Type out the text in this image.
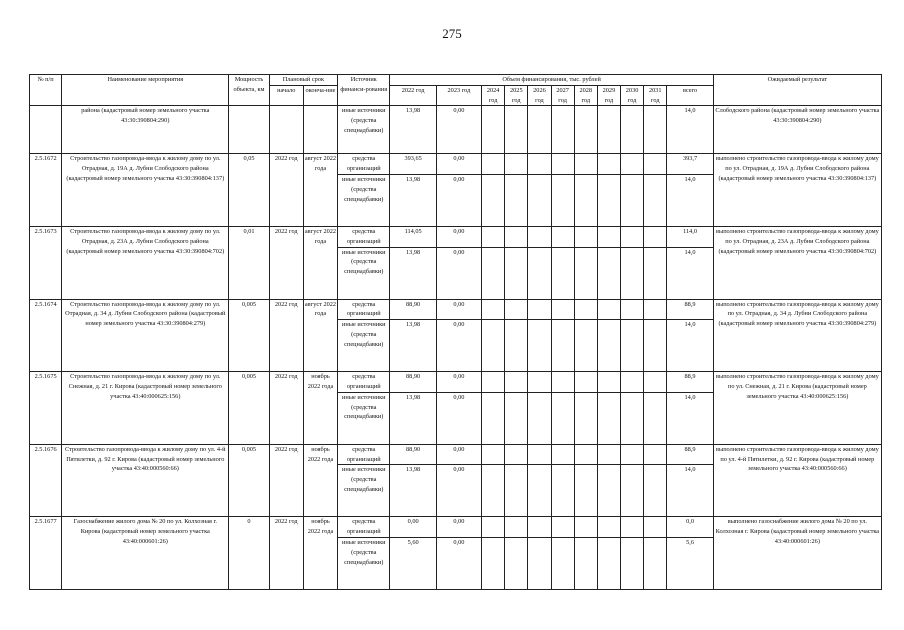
275
№ п/п	Наименование мероприятия	Мощность объекта, км	Плановый срок		Источник финанси-рования	Объем финансирования, тыс. рублей											Ожидаемый результат
			начало	оконча-ние		2022 год	2023 год	2024 год	2025 год	2026 год	2027 год	2028 год	2029 год	2030 год	2031 год	всего	
	района (кадастровый номер земельного участка 43:30:390804:290)				иные источники (средства спецнадбавки)	13,98	0,00									14,0	Слободского района (кадастровый номер земельного участка 43:30:390804:290)
2.5.1672	Строительство газопровода-ввода к жилому дому по ул. Отрадная, д. 19А д. Лубни Слободского района (кадастровый номер земельного участка 43:30:390804:137)	0,05	2022 год	август 2022 года	средства организаций	393,65	0,00									393,7	выполнено строительство газопровода-ввода к жилому дому по ул. Отрадная, д. 19А д. Лубни Слободского района (кадастровый номер земельного участка 43:30:390804:137)
					иные источники (средства спецнадбавки)	13,98	0,00									14,0	
2.5.1673	Строительство газопровода-ввода к жилому дому по ул. Отрадная, д. 23А д. Лубни Слободского района (кадастровый номер земельного участка 43:30:390804:702)	0,01	2022 год	август 2022 года	средства организаций	114,05	0,00									114,0	выполнено строительство газопровода-ввода к жилому дому по ул. Отрадная, д. 23А д. Лубни Слободского района (кадастровый номер земельного участка 43:30:390804:702)
					иные источники (средства спецнадбавки)	13,98	0,00									14,0	
2.5.1674	Строительство газопровода-ввода к жилому дому по ул. Отрадная, д. 34 д. Лубни Слободского района (кадастровый номер земельного участка 43:30:390804:279)	0,005	2022 год	август 2022 года	средства организаций	88,90	0,00									88,9	выполнено строительство газопровода-ввода к жилому дому по ул. Отрадная, д. 34 д. Лубни Слободского района (кадастровый номер земельного участка 43:30:390804:279)
					иные источники (средства спецнадбавки)	13,98	0,00									14,0	
2.5.1675	Строительство газопровода-ввода к жилому дому по ул. Снежная, д. 21 г. Кирова (кадастровый номер земельного участка 43:40:000625:156)	0,005	2022 год	ноябрь 2022 года	средства организаций	88,90	0,00									88,9	выполнено строительство газопровода-ввода к жилому дому по ул. Снежная, д. 21 г. Кирова (кадастровый номер земельного участка 43:40:000625:156)
					иные источники (средства спецнадбавки)	13,98	0,00									14,0	
2.5.1676	Строительство газопровода-ввода к жилому дому по ул. 4-й Пятилетки, д. 92 г. Кирова (кадастровый номер земельного участка 43:40:000560:66)	0,005	2022 год	ноябрь 2022 года	средства организаций	88,90	0,00									88,9	выполнено строительство газопровода-ввода к жилому дому по ул. 4-й Пятилетки, д. 92 г. Кирова (кадастровый номер земельного участка 43:40:000560:66)
					иные источники (средства спецнадбавки)	13,98	0,00									14,0	
2.5.1677	Газоснабжение жилого дома № 20 по ул. Колхозная г. Кирова (кадастровый номер земельного участка 43:40:000601:26)	0	2022 год	ноябрь 2022 года	средства организаций	0,00	0,00									0,0	выполнено газоснабжение жилого дома № 20 по ул. Колхозная г. Кирова (кадастровый номер земельного участка 43:40:000601:26)
					иные источники (средства спецнадбавки)	5,60	0,00									5,6	
